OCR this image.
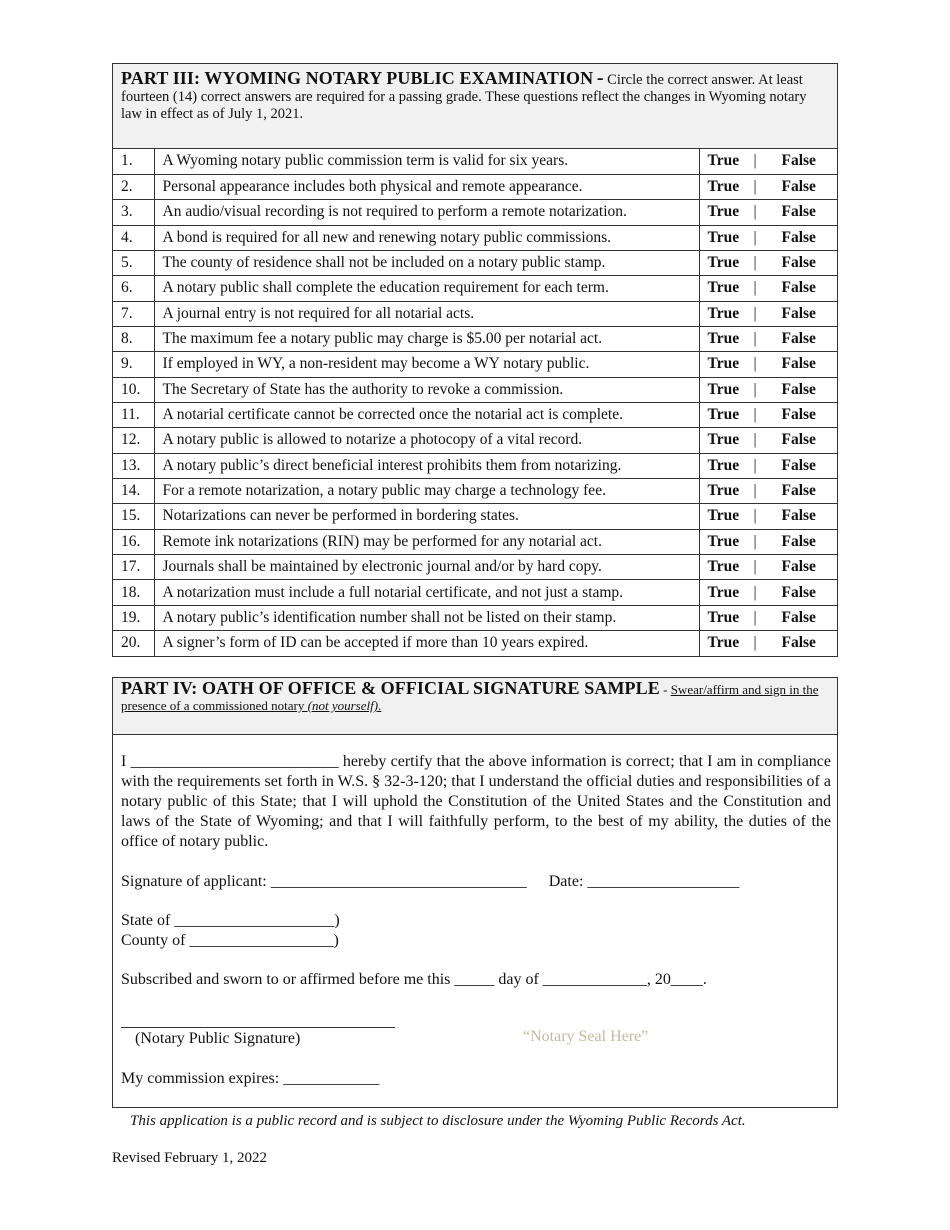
PART III: WYOMING NOTARY PUBLIC EXAMINATION - Circle the correct answer. At least fourteen (14) correct answers are required for a passing grade. These questions reflect the changes in Wyoming notary law in effect as of July 1, 2021.
1.	A Wyoming notary public commission term is valid for six years.	True | False
2.	Personal appearance includes both physical and remote appearance.	True | False
3.	An audio/visual recording is not required to perform a remote notarization.	True | False
4.	A bond is required for all new and renewing notary public commissions.	True | False
5.	The county of residence shall not be included on a notary public stamp.	True | False
6.	A notary public shall complete the education requirement for each term.	True | False
7.	A journal entry is not required for all notarial acts.	True | False
8.	The maximum fee a notary public may charge is $5.00 per notarial act.	True | False
9.	If employed in WY, a non-resident may become a WY notary public.	True | False
10.	The Secretary of State has the authority to revoke a commission.	True | False
11.	A notarial certificate cannot be corrected once the notarial act is complete.	True | False
12.	A notary public is allowed to notarize a photocopy of a vital record.	True | False
13.	A notary public’s direct beneficial interest prohibits them from notarizing.	True | False
14.	For a remote notarization, a notary public may charge a technology fee.	True | False
15.	Notarizations can never be performed in bordering states.	True | False
16.	Remote ink notarizations (RIN) may be performed for any notarial act.	True | False
17.	Journals shall be maintained by electronic journal and/or by hard copy.	True | False
18.	A notarization must include a full notarial certificate, and not just a stamp.	True | False
19.	A notary public’s identification number shall not be listed on their stamp.	True | False
20.	A signer’s form of ID can be accepted if more than 10 years expired.	True | False
PART IV: OATH OF OFFICE & OFFICIAL SIGNATURE SAMPLE - Swear/affirm and sign in the presence of a commissioned notary (not yourself).

I __________________________ hereby certify that the above information is correct; that I am in compliance with the requirements set forth in W.S. § 32-3-120; that I understand the official duties and responsibilities of a notary public of this State; that I will uphold the Constitution of the United States and the Constitution and laws of the State of Wyoming; and that I will faithfully perform, to the best of my ability, the duties of the office of notary public.

Signature of applicant: ________________________________ Date: ___________________
State of ____________________)
County of __________________)
Subscribed and sworn to or affirmed before me this _____ day of _____________, 20____.
(Notary Public Signature)	“Notary Seal Here”
My commission expires: ____________
This application is a public record and is subject to disclosure under the Wyoming Public Records Act.
Revised February 1, 2022
